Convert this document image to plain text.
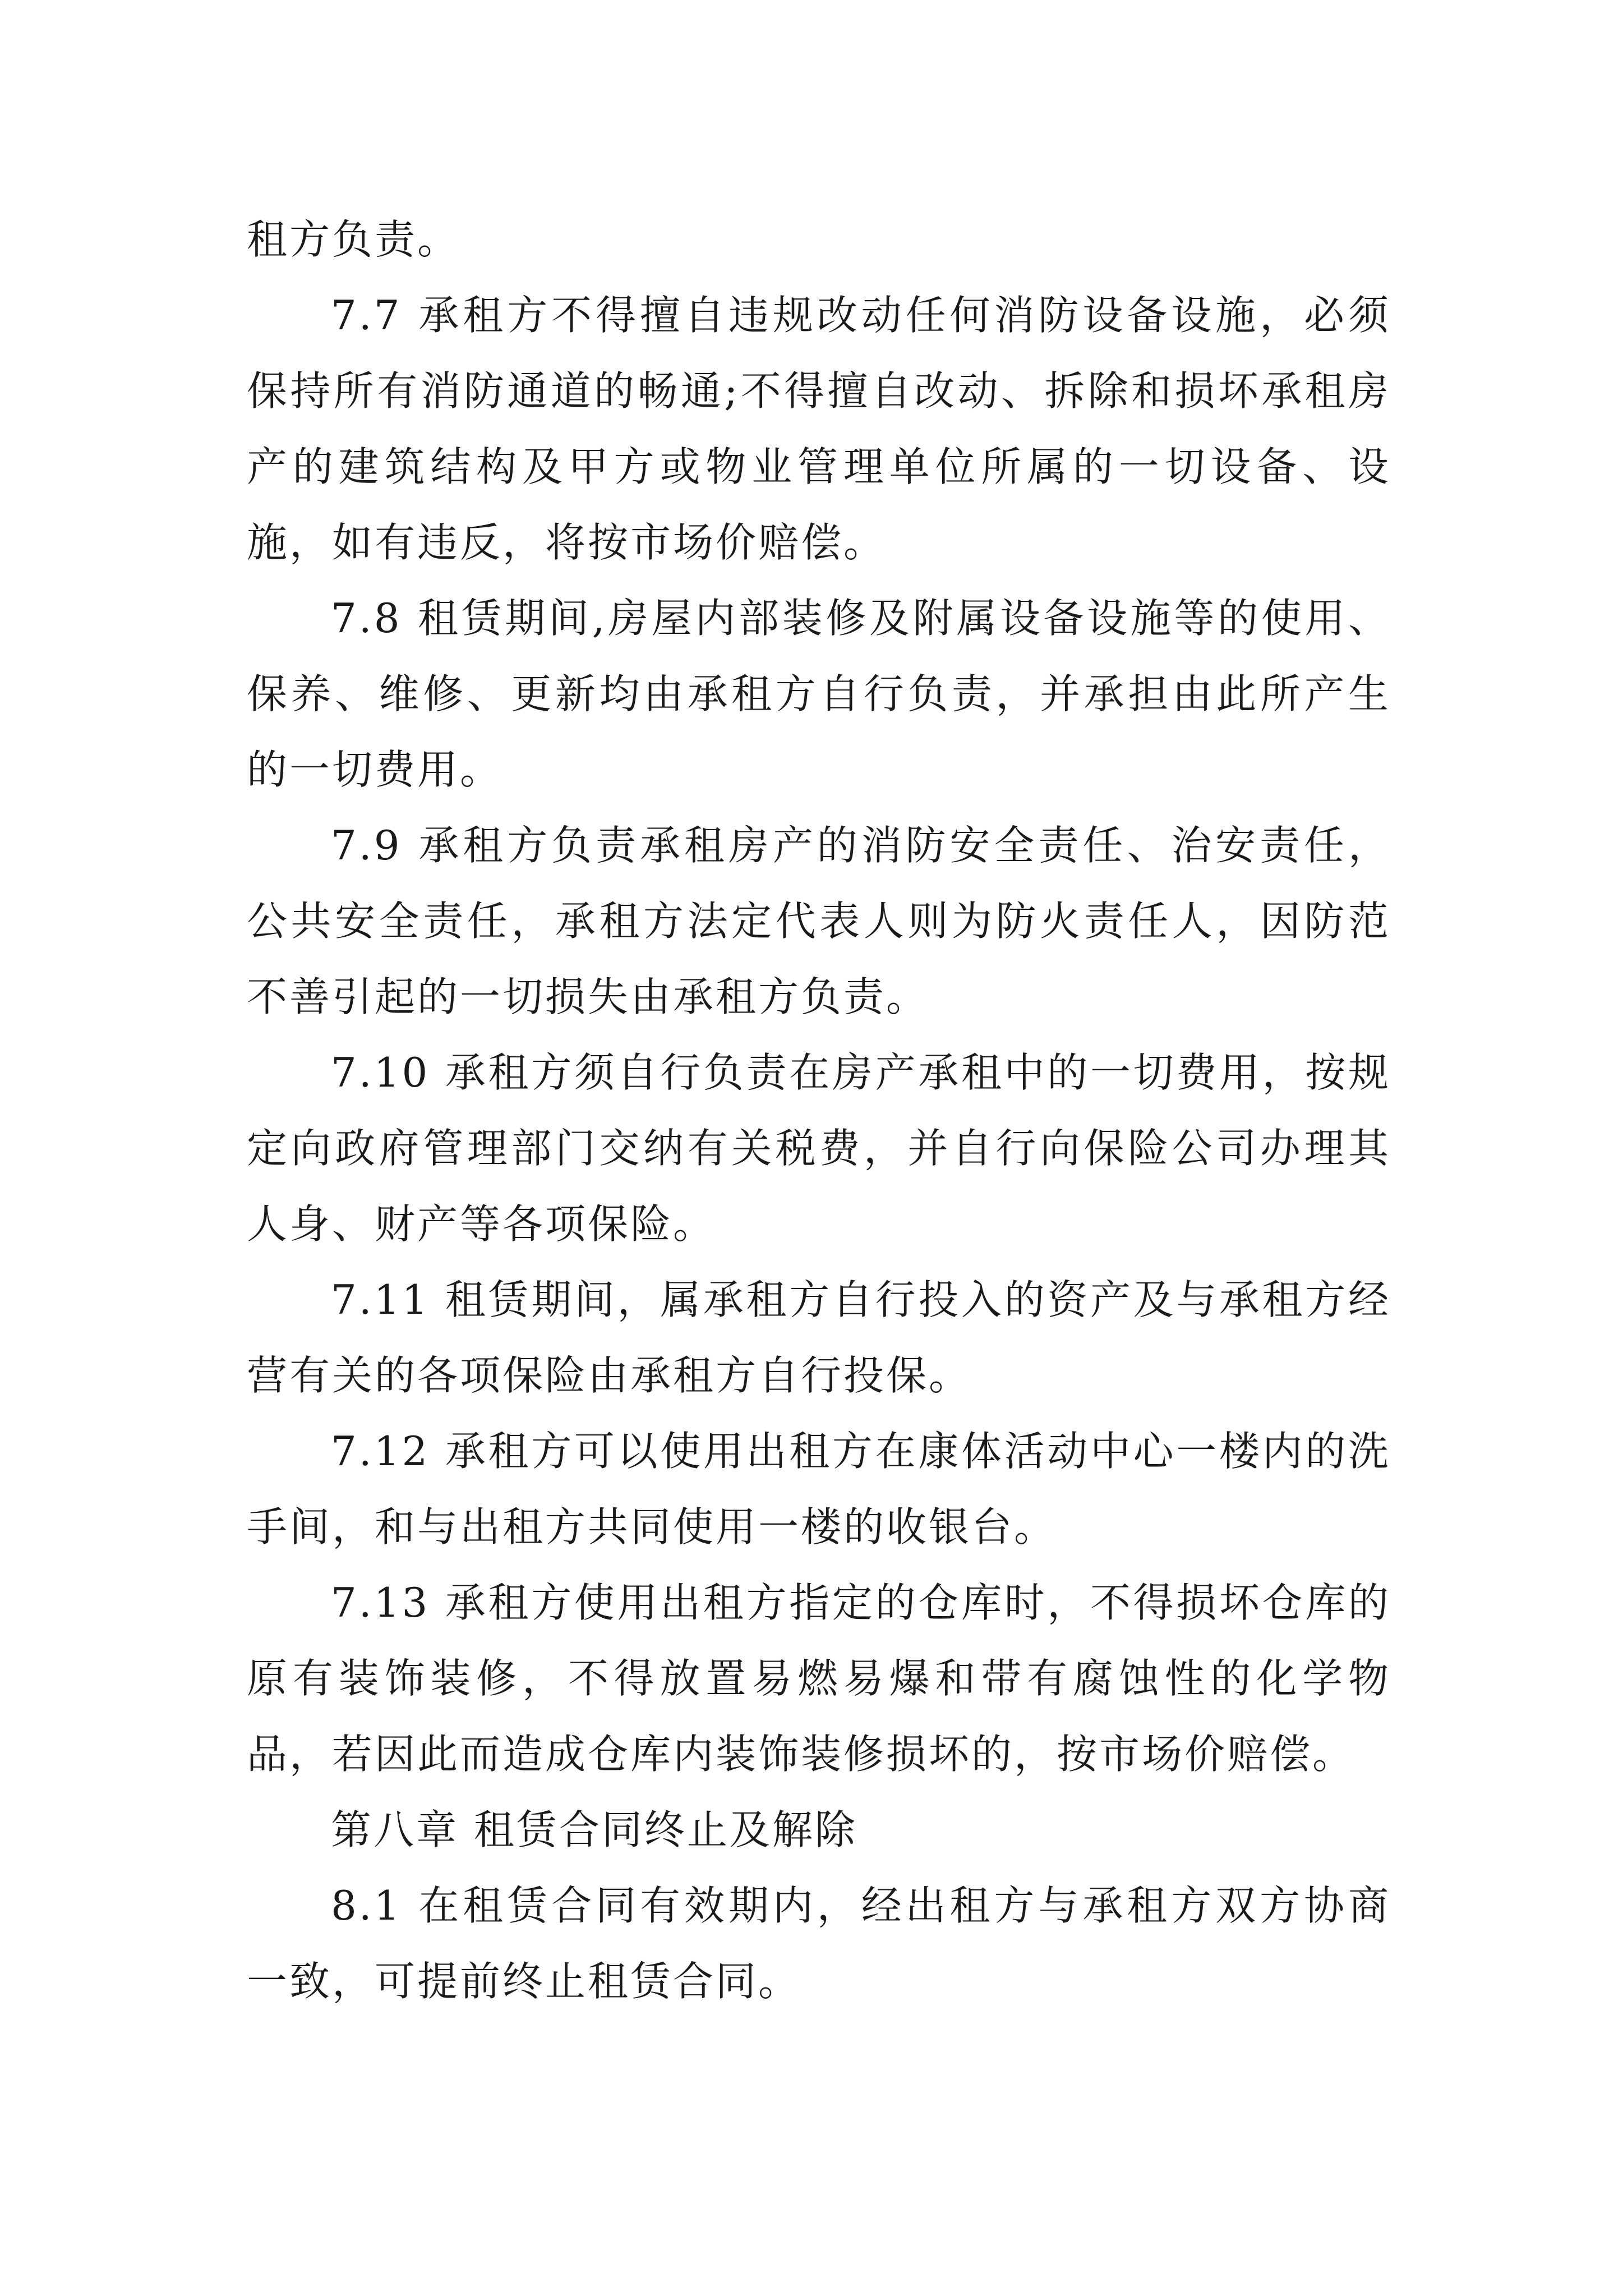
租方负责。

7.7 承租方不得擅自违规改动任何消防设备设施，必须保持所有消防通道的畅通;不得擅自改动、拆除和损坏承租房产的建筑结构及甲方或物业管理单位所属的一切设备、设施，如有违反，将按市场价赔偿。

7.8 租赁期间,房屋内部装修及附属设备设施等的使用、保养、维修、更新均由承租方自行负责，并承担由此所产生的一切费用。

7.9 承租方负责承租房产的消防安全责任、治安责任，公共安全责任，承租方法定代表人则为防火责任人，因防范不善引起的一切损失由承租方负责。

7.10 承租方须自行负责在房产承租中的一切费用，按规定向政府管理部门交纳有关税费，并自行向保险公司办理其人身、财产等各项保险。

7.11 租赁期间，属承租方自行投入的资产及与承租方经营有关的各项保险由承租方自行投保。

7.12 承租方可以使用出租方在康体活动中心一楼内的洗手间，和与出租方共同使用一楼的收银台。

7.13 承租方使用出租方指定的仓库时，不得损坏仓库的原有装饰装修，不得放置易燃易爆和带有腐蚀性的化学物品，若因此而造成仓库内装饰装修损坏的，按市场价赔偿。

第八章 租赁合同终止及解除

8.1 在租赁合同有效期内，经出租方与承租方双方协商一致，可提前终止租赁合同。
